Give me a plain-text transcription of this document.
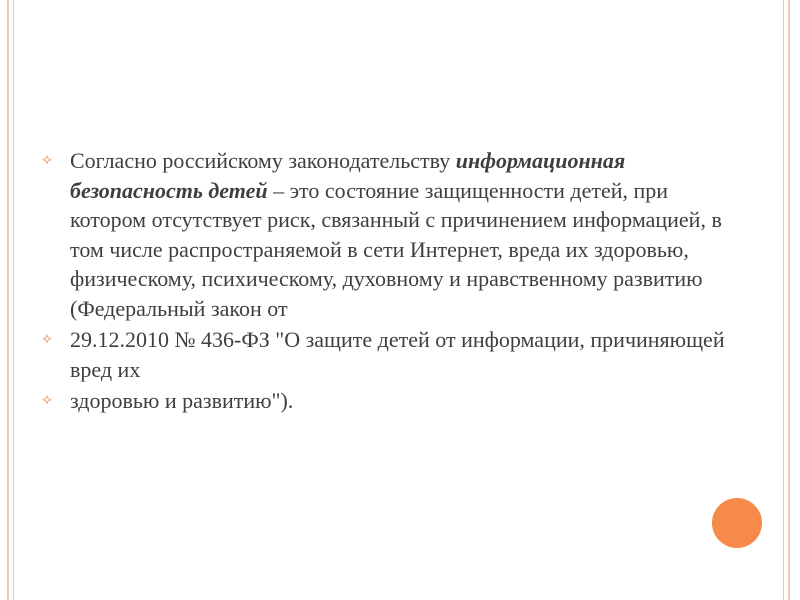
⟡
Согласно российскому законодательству информационная безопасность детей – это состояние защищенности детей, при котором отсутствует риск, связанный с причинением информацией, в том числе распространяемой в сети Интернет, вреда их здоровью, физическому, психическому, духовному и нравственному развитию (Федеральный закон от

⟡
29.12.2010 № 436-ФЗ "О защите детей от информации, причиняющей вред их

⟡
здоровью и развитию").
